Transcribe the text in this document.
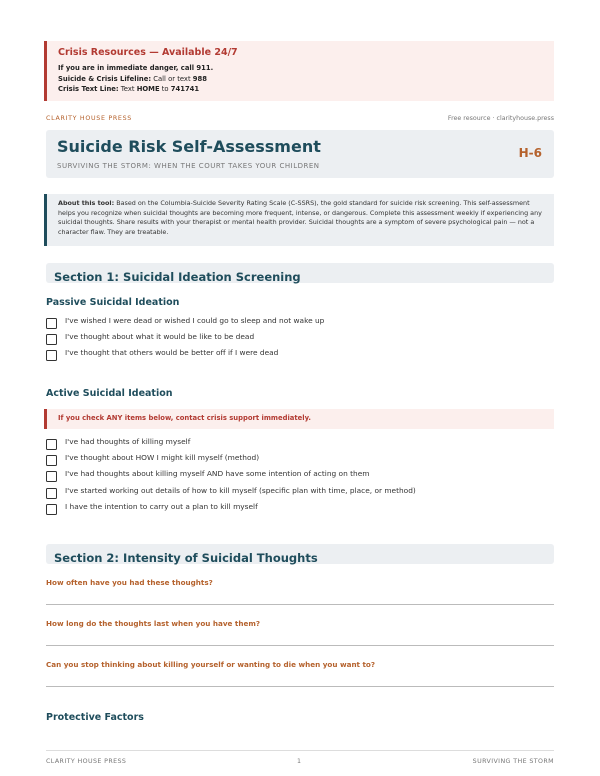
Crisis Resources — Available 24/7
If you are in immediate danger, call 911.
Suicide & Crisis Lifeline: Call or text 988
Crisis Text Line: Text HOME to 741741
CLARITY HOUSE PRESS	Free resource · clarityhouse.press
Suicide Risk Self-Assessment
SURVIVING THE STORM: WHEN THE COURT TAKES YOUR CHILDREN
H-6
About this tool: Based on the Columbia-Suicide Severity Rating Scale (C-SSRS), the gold standard for suicide risk screening. This self-assessment helps you recognize when suicidal thoughts are becoming more frequent, intense, or dangerous. Complete this assessment weekly if experiencing any suicidal thoughts. Share results with your therapist or mental health provider. Suicidal thoughts are a symptom of severe psychological pain — not a character flaw. They are treatable.
Section 1: Suicidal Ideation Screening
Passive Suicidal Ideation
I've wished I were dead or wished I could go to sleep and not wake up
I've thought about what it would be like to be dead
I've thought that others would be better off if I were dead
Active Suicidal Ideation
If you check ANY items below, contact crisis support immediately.
I've had thoughts of killing myself
I've thought about HOW I might kill myself (method)
I've had thoughts about killing myself AND have some intention of acting on them
I've started working out details of how to kill myself (specific plan with time, place, or method)
I have the intention to carry out a plan to kill myself
Section 2: Intensity of Suicidal Thoughts
How often have you had these thoughts?
How long do the thoughts last when you have them?
Can you stop thinking about killing yourself or wanting to die when you want to?
Protective Factors
CLARITY HOUSE PRESS	1	SURVIVING THE STORM
